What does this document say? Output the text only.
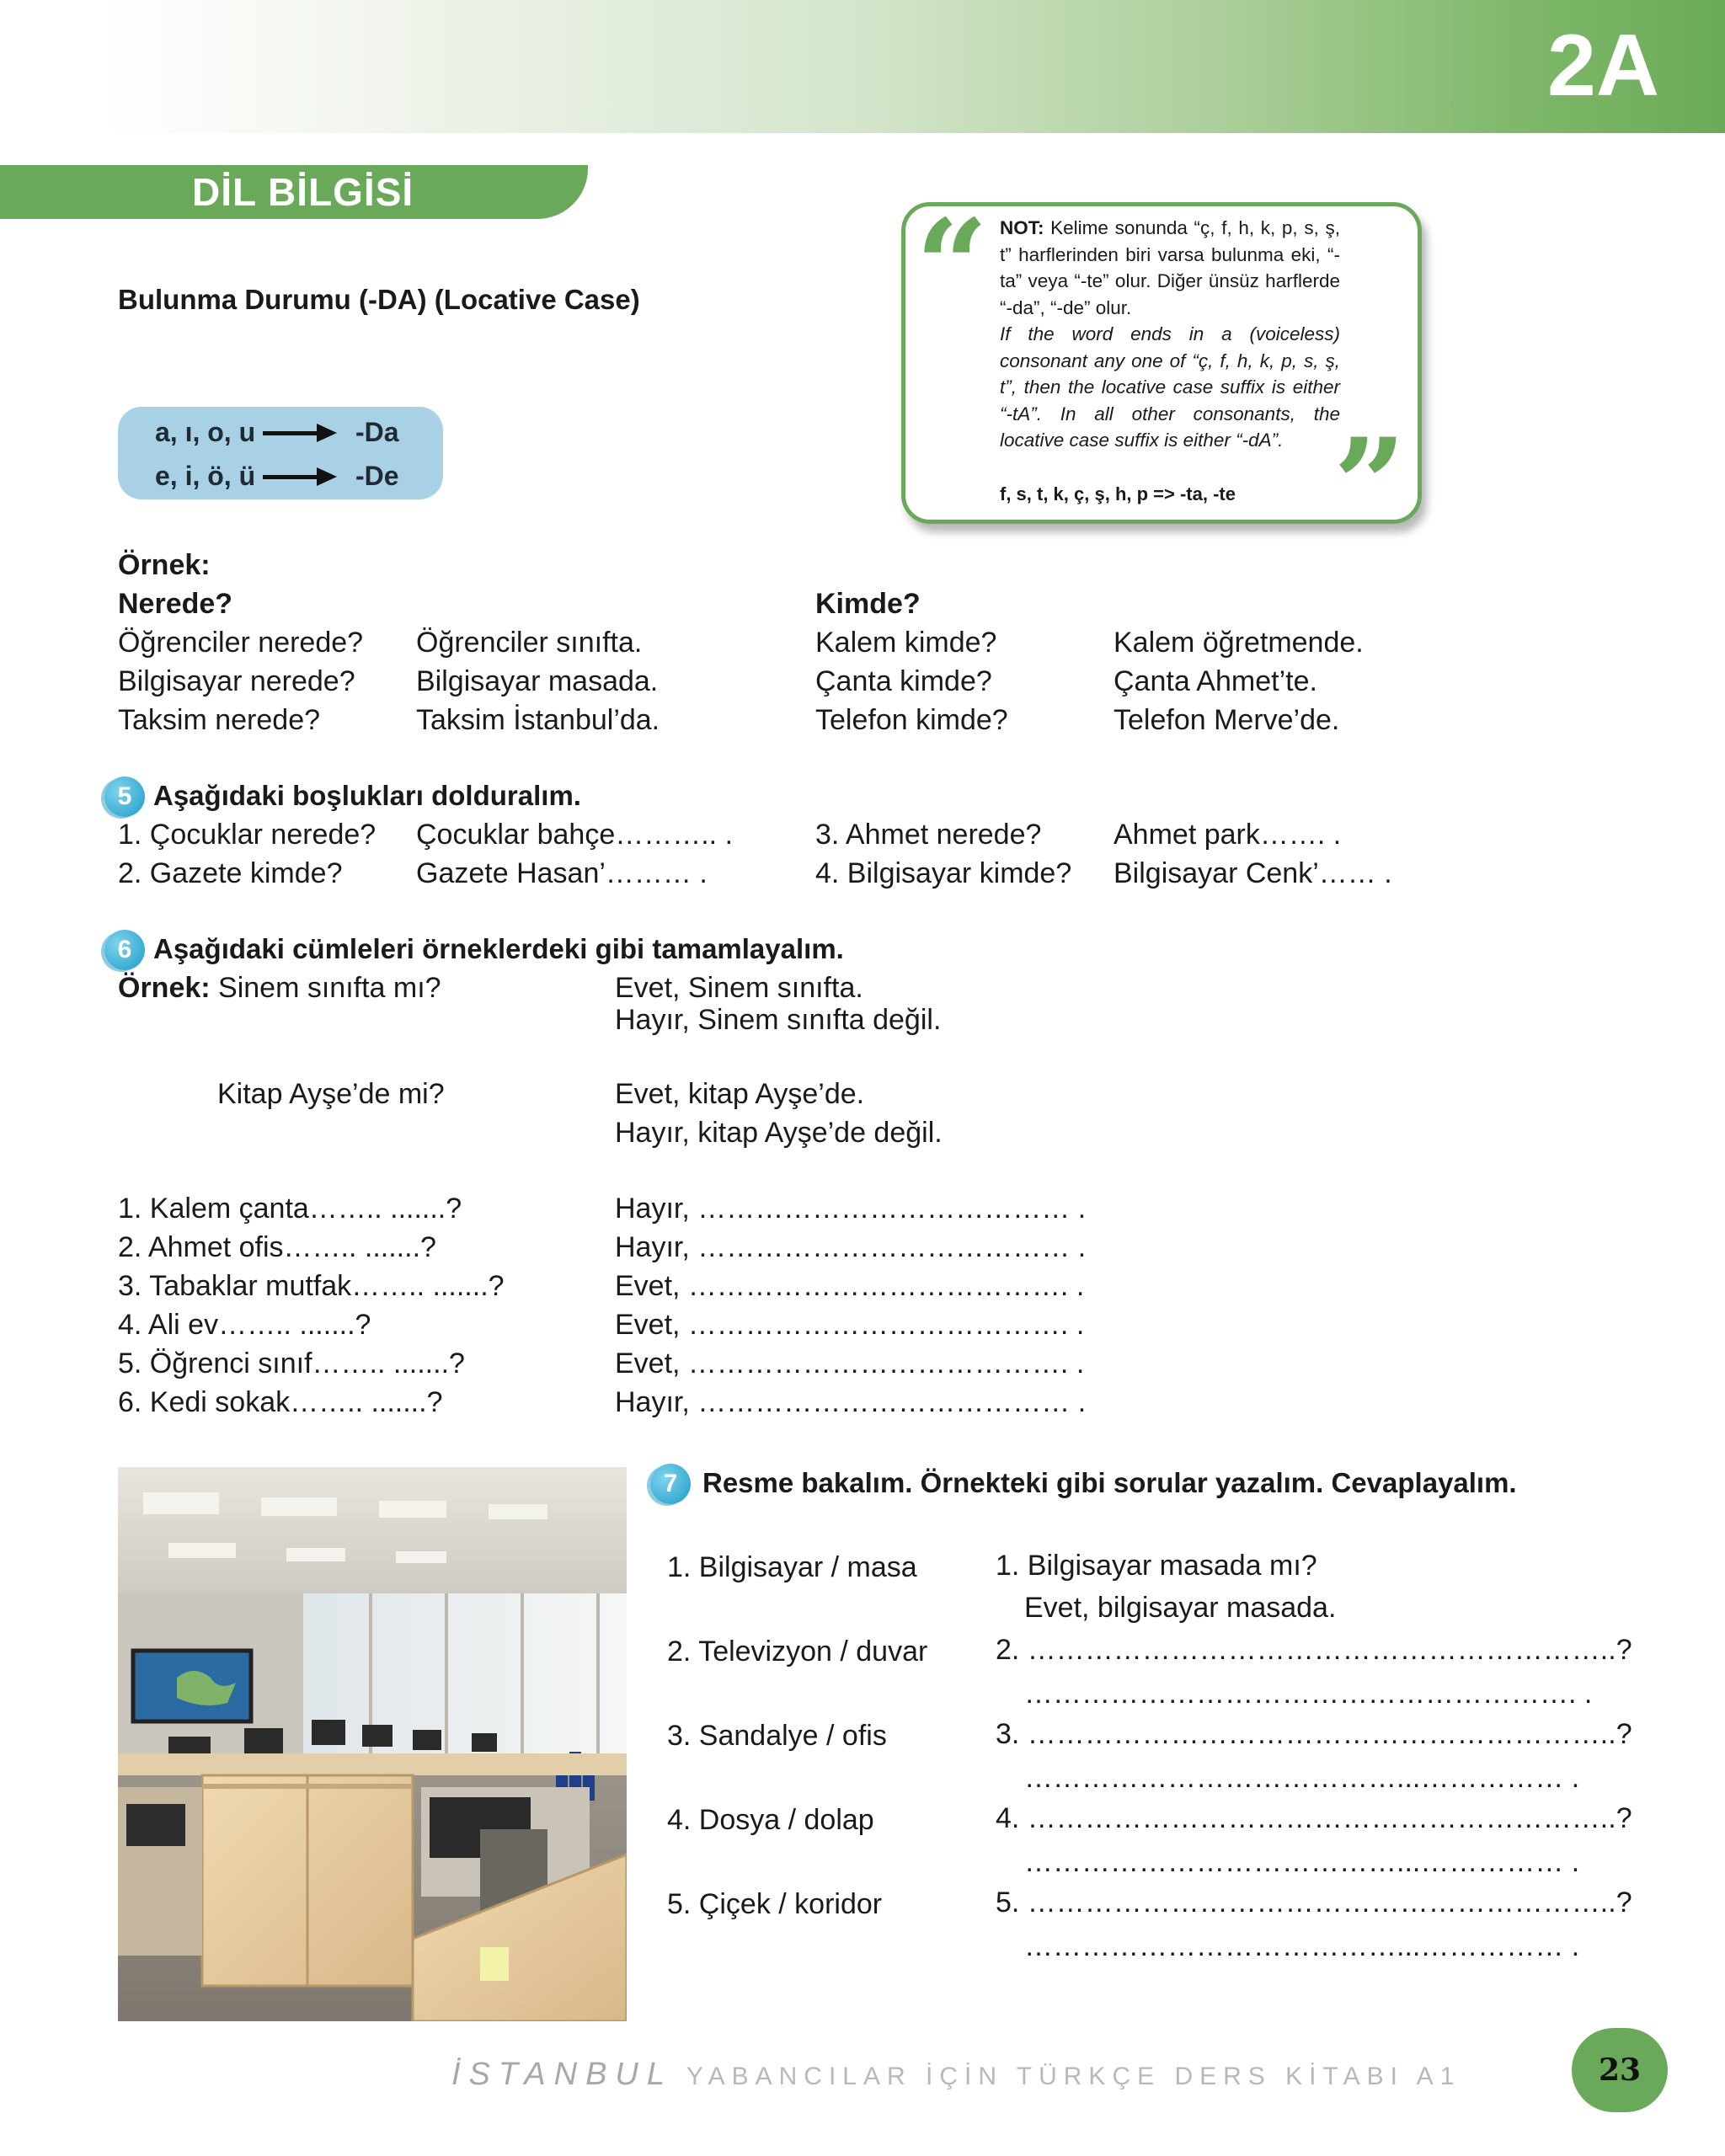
2A
DİL BİLGİSİ
Bulunma Durumu (-DA) (Locative Case)
a, ı, o, u	-Da
e, i, ö, ü	-De
“ NOT: Kelime sonunda “ç, f, h, k, p, s, ş, t” harflerinden biri varsa bulunma eki, “-ta” veya “-te” olur. Diğer ünsüz harflerde “-da”, “-de” olur.
If the word ends in a (voiceless) consonant any one of “ç, f, h, k, p, s, ş, t”, then the locative case suffix is either “-tA”. In all other consonants, the locative case suffix is either “-dA”.
f, s, t, k, ç, ş, h, p => -ta, -te ”
Örnek:
Nerede?
Öğrenciler nerede? Öğrenciler sınıfta.
Bilgisayar nerede? Bilgisayar masada.
Taksim nerede?	Taksim İstanbul’da.
Kimde?
Kalem kimde?	Kalem öğretmende.
Çanta kimde?	Çanta Ahmet’te.
Telefon kimde?	Telefon Merve’de.
5 Aşağıdaki boşlukları dolduralım.
1. Çocuklar nerede? Çocuklar bahçe……….. .
2. Gazete kimde?	Gazete Hasan’……… .
3. Ahmet nerede?	Ahmet park……. .
4. Bilgisayar kimde? Bilgisayar Cenk’…… .
6 Aşağıdaki cümleleri örneklerdeki gibi tamamlayalım.
Örnek: Sinem sınıfta mı?	Evet, Sinem sınıfta.
Hayır, Sinem sınıfta değil.
Kitap Ayşe’de mi?	Evet, kitap Ayşe’de.
Hayır, kitap Ayşe’de değil.
1. Kalem çanta…….. .......?	Hayır, ………………………………… .
2. Ahmet ofis…….. .......?	Hayır, ………………………………… .
3. Tabaklar mutfak…….. .......?	Evet, …………………………………. .
4. Ali ev…….. .......?	Evet, …………………………………. .
5. Öğrenci sınıf…….. .......?	Evet, …………………………………. .
6. Kedi sokak…….. .......?	Hayır, ………………………………… .
7 Resme bakalım. Örnekteki gibi sorular yazalım. Cevaplayalım.
1. Bilgisayar / masa
2. Televizyon / duvar
3. Sandalye / ofis
4. Dosya / dolap
5. Çiçek / koridor
1. Bilgisayar masada mı?
Evet, bilgisayar masada.
2. ……………………………………………………..?
…………………………………………………. .
3. ……………………………………………………..?
…………………………………...…………… .
4. ……………………………………………………..?
…………………………………...…………… .
5. ……………………………………………………..?
…………………………………...…………… .
İSTANBUL YABANCILAR İÇİN TÜRKÇE DERS KİTABI A1	23
